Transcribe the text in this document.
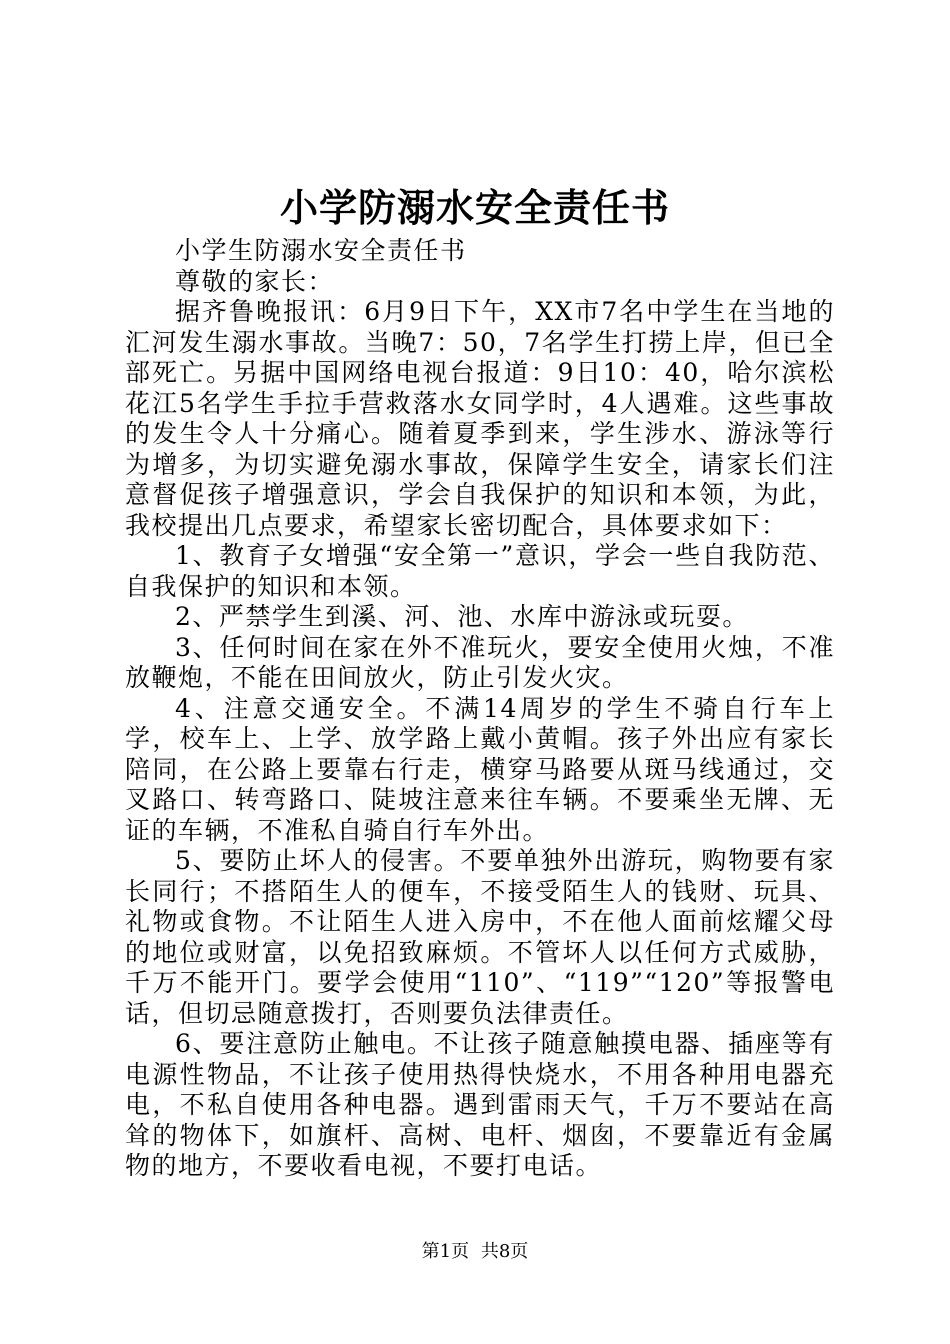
小学防溺水安全责任书

小学生防溺水安全责任书

尊敬的家长：

据齐鲁晚报讯：6月9日下午，XX市7名中学生在当地的汇河发生溺水事故。当晚7：50，7名学生打捞上岸，但已全部死亡。另据中国网络电视台报道：9日10：40，哈尔滨松花江5名学生手拉手营救落水女同学时，4人遇难。这些事故的发生令人十分痛心。随着夏季到来，学生涉水、游泳等行为增多，为切实避免溺水事故，保障学生安全，请家长们注意督促孩子增强意识，学会自我保护的知识和本领，为此，我校提出几点要求，希望家长密切配合，具体要求如下：

1、教育子女增强“安全第一”意识，学会一些自我防范、自我保护的知识和本领。

2、严禁学生到溪、河、池、水库中游泳或玩耍。

3、任何时间在家在外不准玩火，要安全使用火烛，不准放鞭炮，不能在田间放火，防止引发火灾。

4、注意交通安全。不满14周岁的学生不骑自行车上学，校车上、上学、放学路上戴小黄帽。孩子外出应有家长陪同，在公路上要靠右行走，横穿马路要从斑马线通过，交叉路口、转弯路口、陡坡注意来往车辆。不要乘坐无牌、无证的车辆，不准私自骑自行车外出。

5、要防止坏人的侵害。不要单独外出游玩，购物要有家长同行；不搭陌生人的便车，不接受陌生人的钱财、玩具、礼物或食物。不让陌生人进入房中，不在他人面前炫耀父母的地位或财富，以免招致麻烦。不管坏人以任何方式威胁，千万不能开门。要学会使用“110”、“119”“120”等报警电话，但切忌随意拨打，否则要负法律责任。

6、要注意防止触电。不让孩子随意触摸电器、插座等有电源性物品，不让孩子使用热得快烧水，不用各种用电器充电，不私自使用各种电器。遇到雷雨天气，千万不要站在高耸的物体下，如旗杆、高树、电杆、烟囱，不要靠近有金属物的地方，不要收看电视，不要打电话。

第1页 共8页
